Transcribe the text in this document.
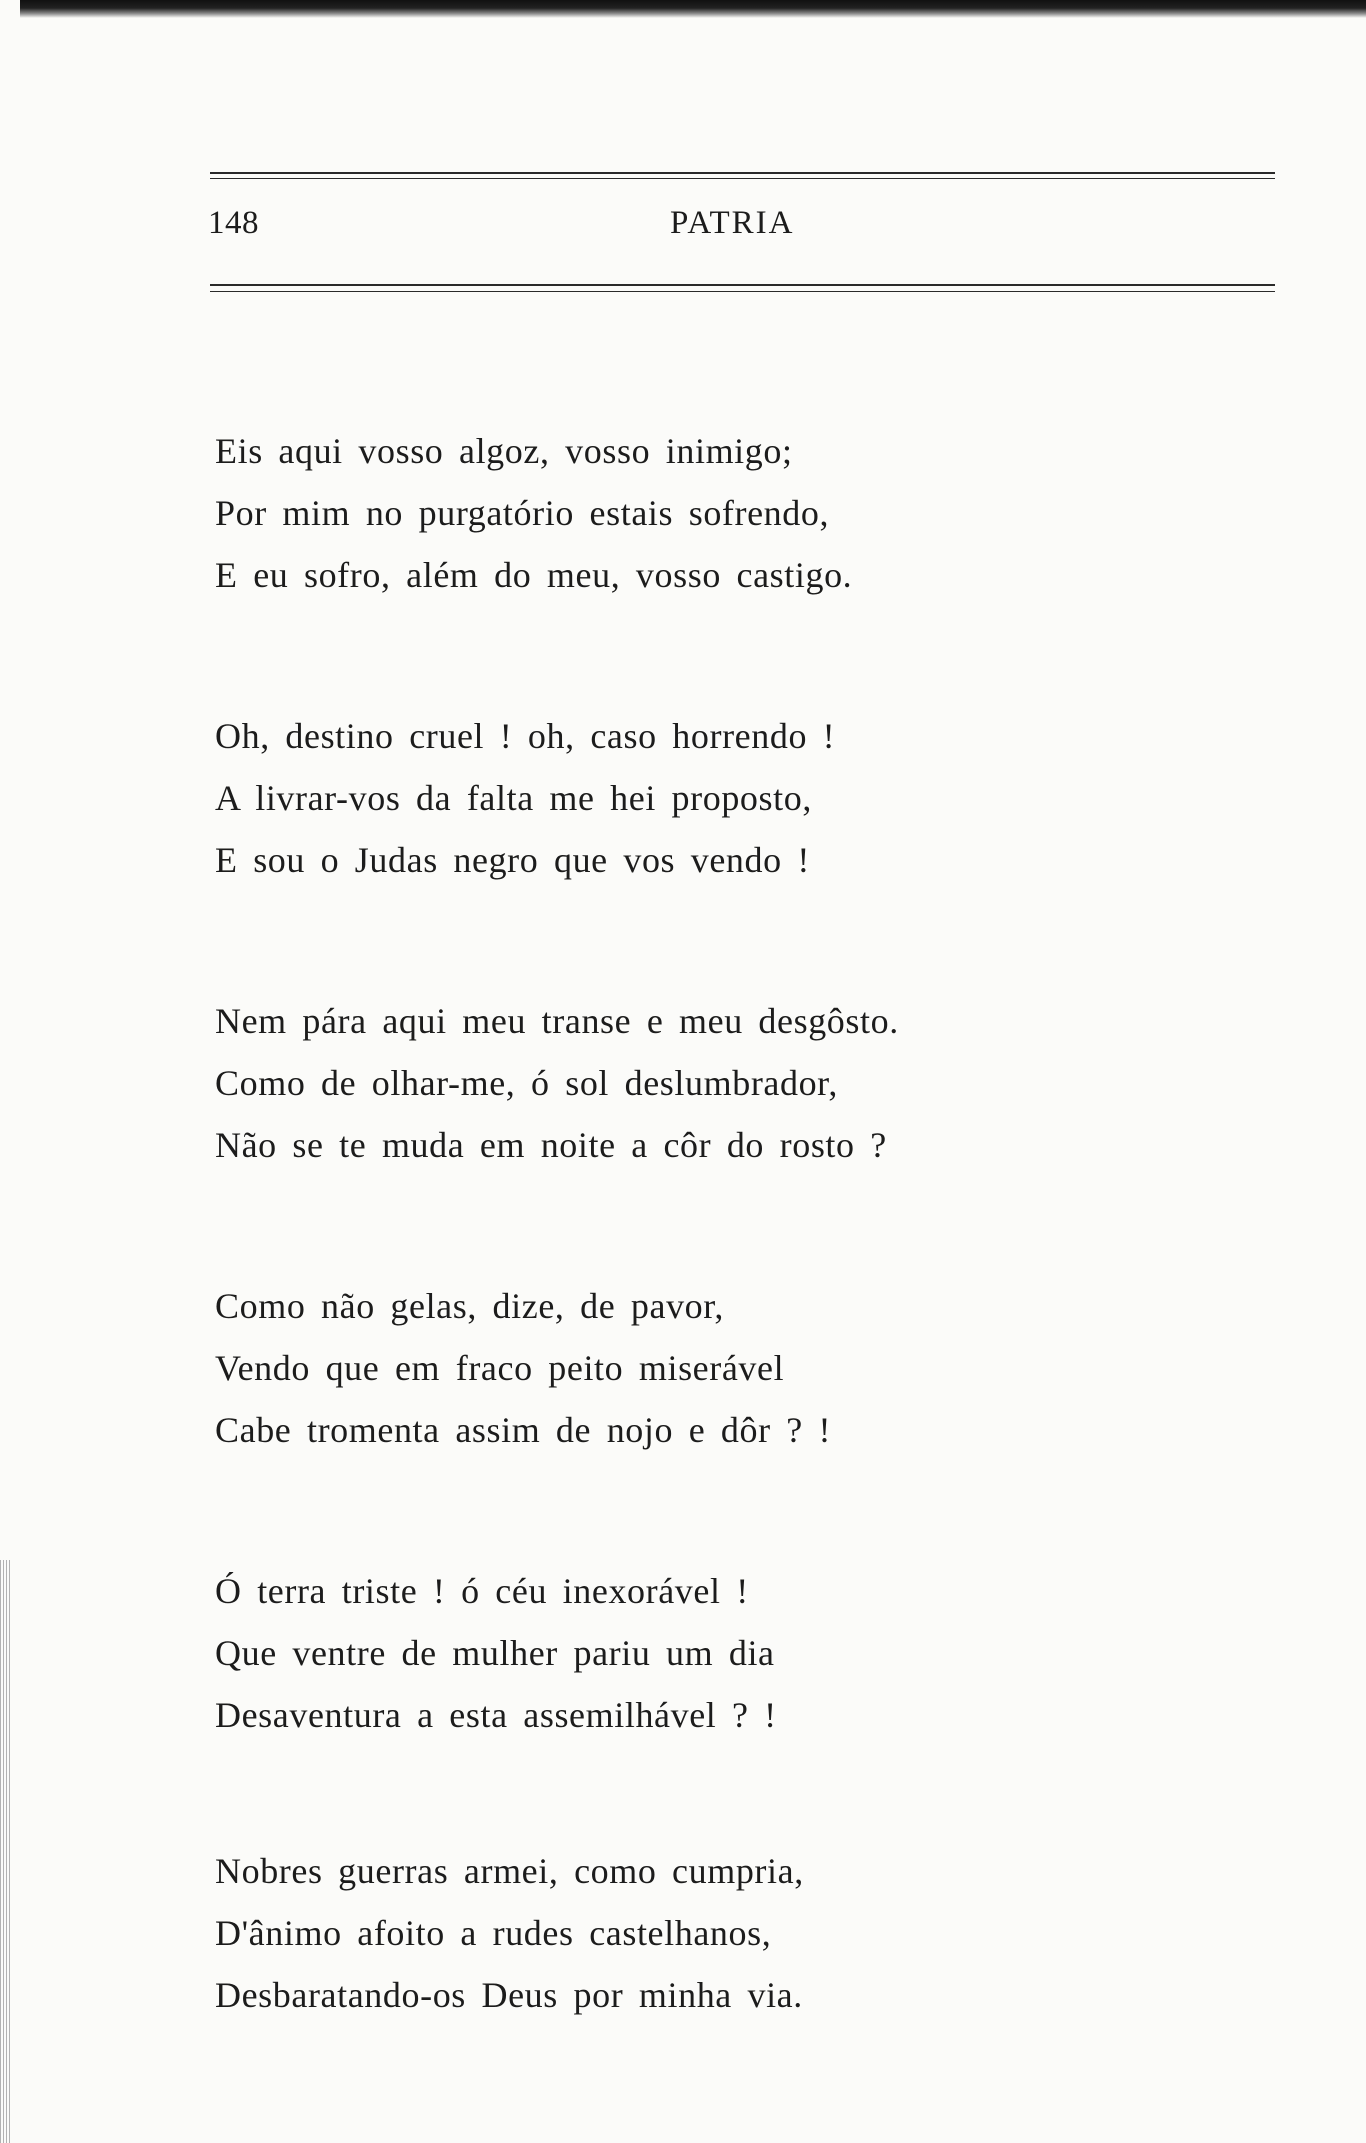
148	PATRIA
Eis aqui vosso algoz, vosso inimigo;
Por mim no purgatório estais sofrendo,
E eu sofro, além do meu, vosso castigo.
Oh, destino cruel ! oh, caso horrendo !
A livrar-vos da falta me hei proposto,
E sou o Judas negro que vos vendo !
Nem pára aqui meu transe e meu desgôsto.
Como de olhar-me, ó sol deslumbrador,
Não se te muda em noite a côr do rosto ?
Como não gelas, dize, de pavor,
Vendo que em fraco peito miserável
Cabe tromenta assim de nojo e dôr ? !
Ó terra triste ! ó céu inexorável !
Que ventre de mulher pariu um dia
Desaventura a esta assemilhável ? !
Nobres guerras armei, como cumpria,
D'ânimo afoito a rudes castelhanos,
Desbaratando-os Deus por minha via.
